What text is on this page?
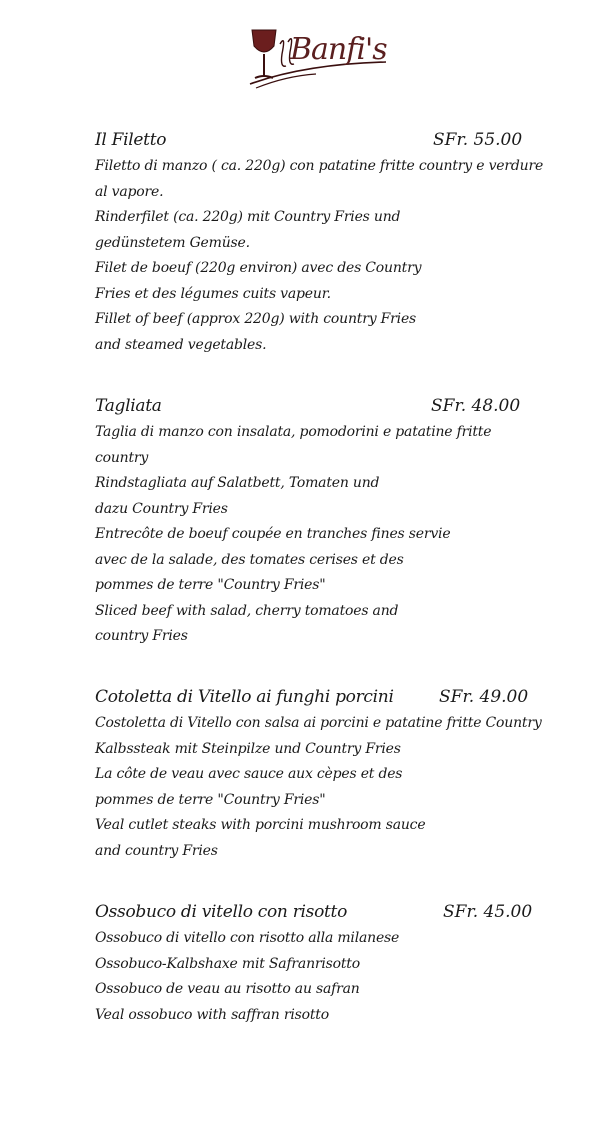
Banfi's
Il Filetto	SFr. 55.00
Filetto di manzo ( ca. 220g) con patatine fritte country e verdure
al vapore.
Rinderfilet (ca. 220g) mit Country Fries und
gedünstetem Gemüse.
Filet de boeuf (220g environ) avec des Country
Fries et des légumes cuits vapeur.
Fillet of beef (approx 220g) with country Fries
and steamed vegetables.
Tagliata	SFr. 48.00
Taglia di manzo con insalata, pomodorini e patatine fritte
country
Rindstagliata auf Salatbett, Tomaten und
dazu Country Fries
Entrecôte de boeuf coupée en tranches fines servie
avec de la salade, des tomates cerises et des
pommes de terre "Country Fries"
Sliced beef with salad, cherry tomatoes and
country Fries
Cotoletta di Vitello ai funghi porcini	SFr. 49.00
Costoletta di Vitello con salsa ai porcini e patatine fritte Country
Kalbssteak mit Steinpilze und Country Fries
La côte de veau avec sauce aux cèpes et des
pommes de terre "Country Fries"
Veal cutlet steaks with porcini mushroom sauce
and country Fries
Ossobuco di vitello con risotto	SFr. 45.00
Ossobuco di vitello con risotto alla milanese
Ossobuco-Kalbshaxe mit Safranrisotto
Ossobuco de veau au risotto au safran
Veal ossobuco with saffran risotto
